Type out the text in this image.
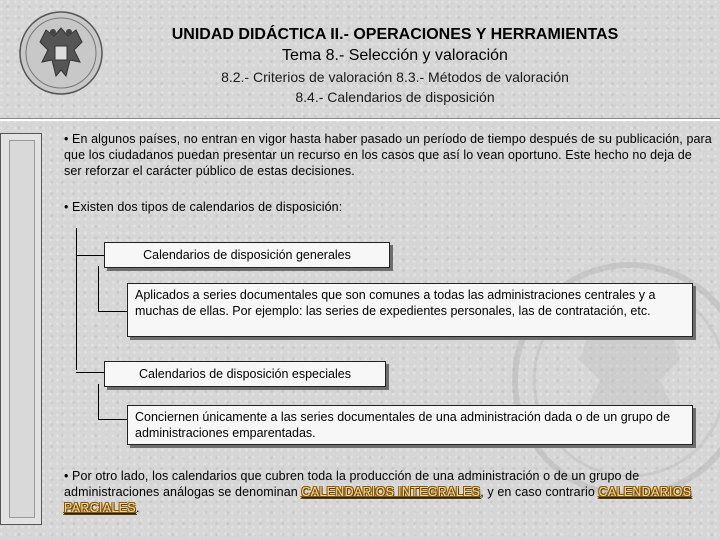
UNIDAD DIDÁCTICA II.- OPERACIONES Y HERRAMIENTAS
Tema 8.- Selección y valoración
8.2.- Criterios de valoración 8.3.- Métodos de valoración
8.4.- Calendarios de disposición
• En algunos países, no entran en vigor hasta haber pasado un período de tiempo después de su publicación, para que los ciudadanos puedan presentar un recurso en los casos que así lo vean oportuno. Este hecho no deja de ser reforzar el carácter público de estas decisiones.
• Existen dos tipos de calendarios de disposición:
Calendarios de disposición generales
Aplicados a series documentales que son comunes a todas las administraciones centrales y a muchas de ellas. Por ejemplo: las series de expedientes personales, las de contratación, etc.
Calendarios de disposición especiales
Conciernen únicamente a las series documentales de una administración dada o de un grupo de administraciones emparentadas.
• Por otro lado, los calendarios que cubren toda la producción de una administración o de un grupo de administraciones análogas se denominan CALENDARIOS INTEGRALES, y en caso contrario CALENDARIOS PARCIALES.
